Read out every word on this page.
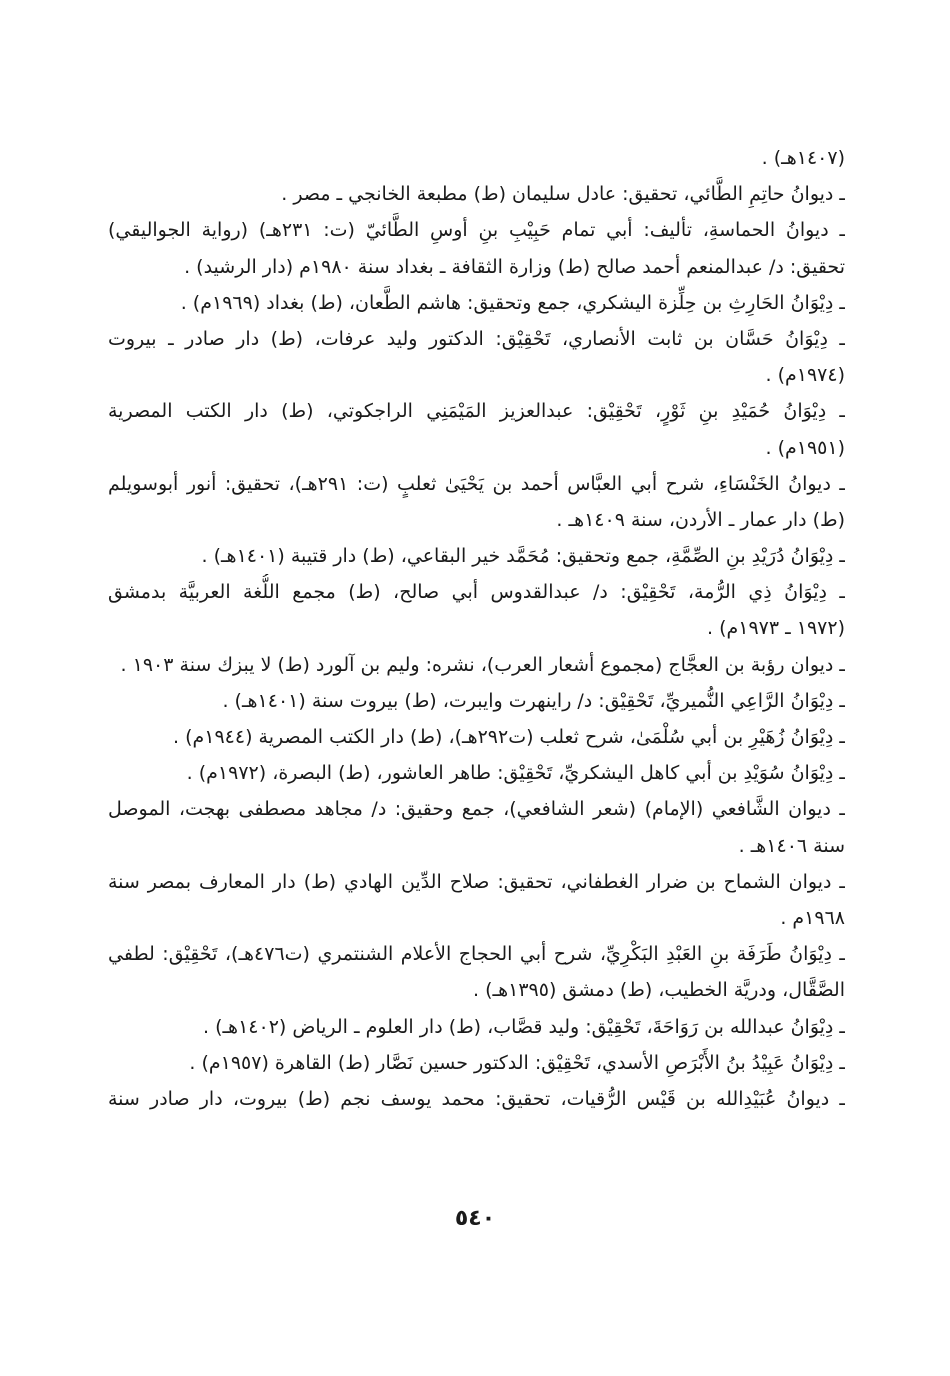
(١٤٠٧هـ) .
ـ ديوانُ حاتِمِ الطَّائي، تحقيق: عادل سليمان (ط) مطبعة الخانجي ـ مصر .
ـ ديوانُ الحماسةِ، تأليف: أبي تمام حَبِيْبِ بنِ أوسِ الطَّائيّ (ت: ٢٣١هـ) (رواية الجواليقي)
تحقيق: د/ عبدالمنعم أحمد صالح (ط) وزارة الثقافة ـ بغداد سنة ١٩٨٠م (دار الرشيد) .
ـ دِيْوَانُ الحَارِثِ بن حِلِّزة اليشكري، جمع وتحقيق: هاشم الطَّعان، (ط) بغداد (١٩٦٩م) .
ـ دِيْوَانُ حَسَّان بن ثابت الأنصاري، تَحْقِيْق: الدكتور وليد عرفات، (ط) دار صادر ـ بيروت
(١٩٧٤م) .
ـ دِيْوَانُ حُمَيْدِ بنِ ثَوْرٍ، تَحْقِيْق: عبدالعزيز المَيْمَنِي الراجكوتي، (ط) دار الكتب المصرية
(١٩٥١م) .
ـ ديوانُ الخَنْسَاءِ، شرح أبي العبَّاس أحمد بن يَحْيَىٰ ثعلبٍ (ت: ٢٩١هـ)، تحقيق: أنور أبوسويلم
(ط) دار عمار ـ الأردن، سنة ١٤٠٩هـ .
ـ دِيْوَانُ دُرَيْدِ بنِ الصِّمَّةِ، جمع وتحقيق: مُحَمَّد خير البقاعي، (ط) دار قتيبة (١٤٠١هـ) .
ـ دِيْوَانُ ذِي الرُّمة، تَحْقِيْق: د/ عبدالقدوس أبي صالح، (ط) مجمع اللُّغة العربيَّة بدمشق
(١٩٧٢ ـ ١٩٧٣م) .
ـ ديوان رؤبة بن العجَّاج (مجموع أشعار العرب)، نشره: وليم بن آلورد (ط) لا يبزك سنة ١٩٠٣ .
ـ دِيْوَانُ الرَّاعِي النُّميريِّ، تَحْقِيْق: د/ راينهرت وايبرت، (ط) بيروت سنة (١٤٠١هـ) .
ـ دِيْوَانُ زُهَيْرِ بن أبي سُلْمَىٰ، شرح ثعلب (ت٢٩٢هـ)، (ط) دار الكتب المصرية (١٩٤٤م) .
ـ دِيْوَانُ سُوَيْدِ بن أبي كاهل اليشكريِّ، تَحْقِيْق: طاهر العاشور، (ط) البصرة، (١٩٧٢م) .
ـ ديوان الشَّافعي (الإمام) (شعر الشافعي)، جمع وحقيق: د/ مجاهد مصطفى بهجت، الموصل
سنة ١٤٠٦هـ .
ـ ديوان الشماح بن ضرار الغطفاني، تحقيق: صلاح الدِّين الهادي (ط) دار المعارف بمصر سنة
١٩٦٨م .
ـ دِيْوَانُ طَرَفَة بنِ العَبْدِ البَكْرِيِّ، شرح أبي الحجاج الأعلام الشنتمري (ت٤٧٦هـ)، تَحْقِيْق: لطفي
الصَّقَّال، ودريَّة الخطيب، (ط) دمشق (١٣٩٥هـ) .
ـ دِيْوَانُ عبدالله بن رَوَاحَةَ، تَحْقِيْق: وليد قصَّاب، (ط) دار العلوم ـ الرياض (١٤٠٢هـ) .
ـ دِيْوَانُ عَبِيْدُ بنُ الأَبْرَصِ الأسدي، تَحْقِيْق: الدكتور حسين نَصَّار (ط) القاهرة (١٩٥٧م) .
ـ ديوانُ عُبَيْدِالله بن قَيْس الرُّقيات، تحقيق: محمد يوسف نجم (ط) بيروت، دار صادر سنة
٥٤٠
